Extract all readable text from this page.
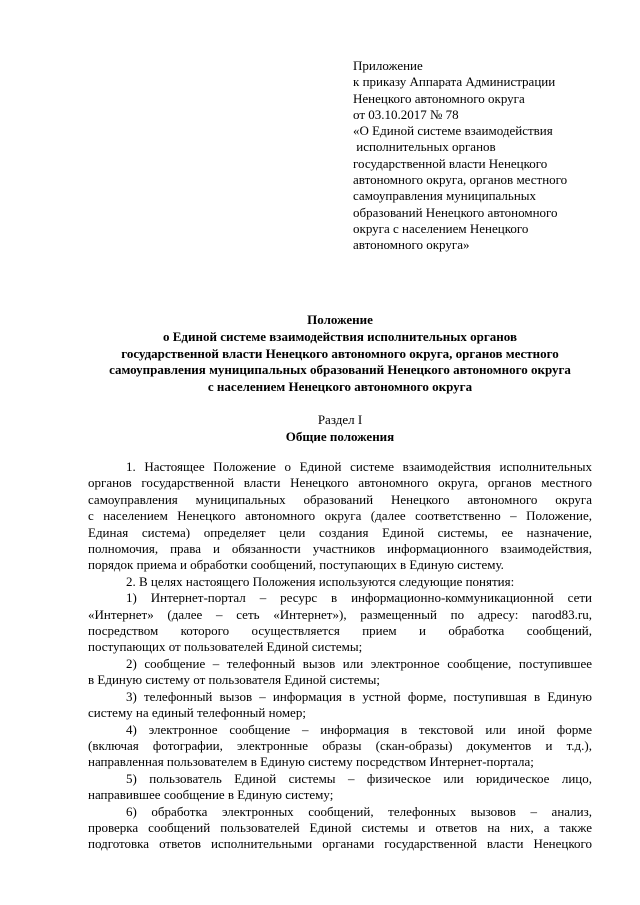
Приложение
к приказу Аппарата Администрации
Ненецкого автономного округа
от 03.10.2017 № 78
«О Единой системе взаимодействия
исполнительных органов
государственной власти Ненецкого
автономного округа, органов местного
самоуправления муниципальных
образований Ненецкого автономного
округа с населением Ненецкого
автономного округа»
Положение
о Единой системе взаимодействия исполнительных органов
государственной власти Ненецкого автономного округа, органов местного
самоуправления муниципальных образований Ненецкого автономного округа
с населением Ненецкого автономного округа
Раздел I
Общие положения
1. Настоящее Положение о Единой системе взаимодействия исполнительных
органов государственной власти Ненецкого автономного округа, органов местного
самоуправления муниципальных образований Ненецкого автономного округа
с населением Ненецкого автономного округа (далее соответственно – Положение,
Единая система) определяет цели создания Единой системы, ее назначение,
полномочия, права и обязанности участников информационного взаимодействия,
порядок приема и обработки сообщений, поступающих в Единую систему.
2. В целях настоящего Положения используются следующие понятия:
1) Интернет-портал – ресурс в информационно-коммуникационной сети
«Интернет» (далее – сеть «Интернет»), размещенный по адресу: narod83.ru,
посредством которого осуществляется прием и обработка сообщений,
поступающих от пользователей Единой системы;
2) сообщение – телефонный вызов или электронное сообщение, поступившее
в Единую систему от пользователя Единой системы;
3) телефонный вызов – информация в устной форме, поступившая в Единую
систему на единый телефонный номер;
4) электронное сообщение – информация в текстовой или иной форме
(включая фотографии, электронные образы (скан-образы) документов и т.д.),
направленная пользователем в Единую систему посредством Интернет-портала;
5) пользователь Единой системы – физическое или юридическое лицо,
направившее сообщение в Единую систему;
6) обработка электронных сообщений, телефонных вызовов – анализ,
проверка сообщений пользователей Единой системы и ответов на них, а также
подготовка ответов исполнительными органами государственной власти Ненецкого
